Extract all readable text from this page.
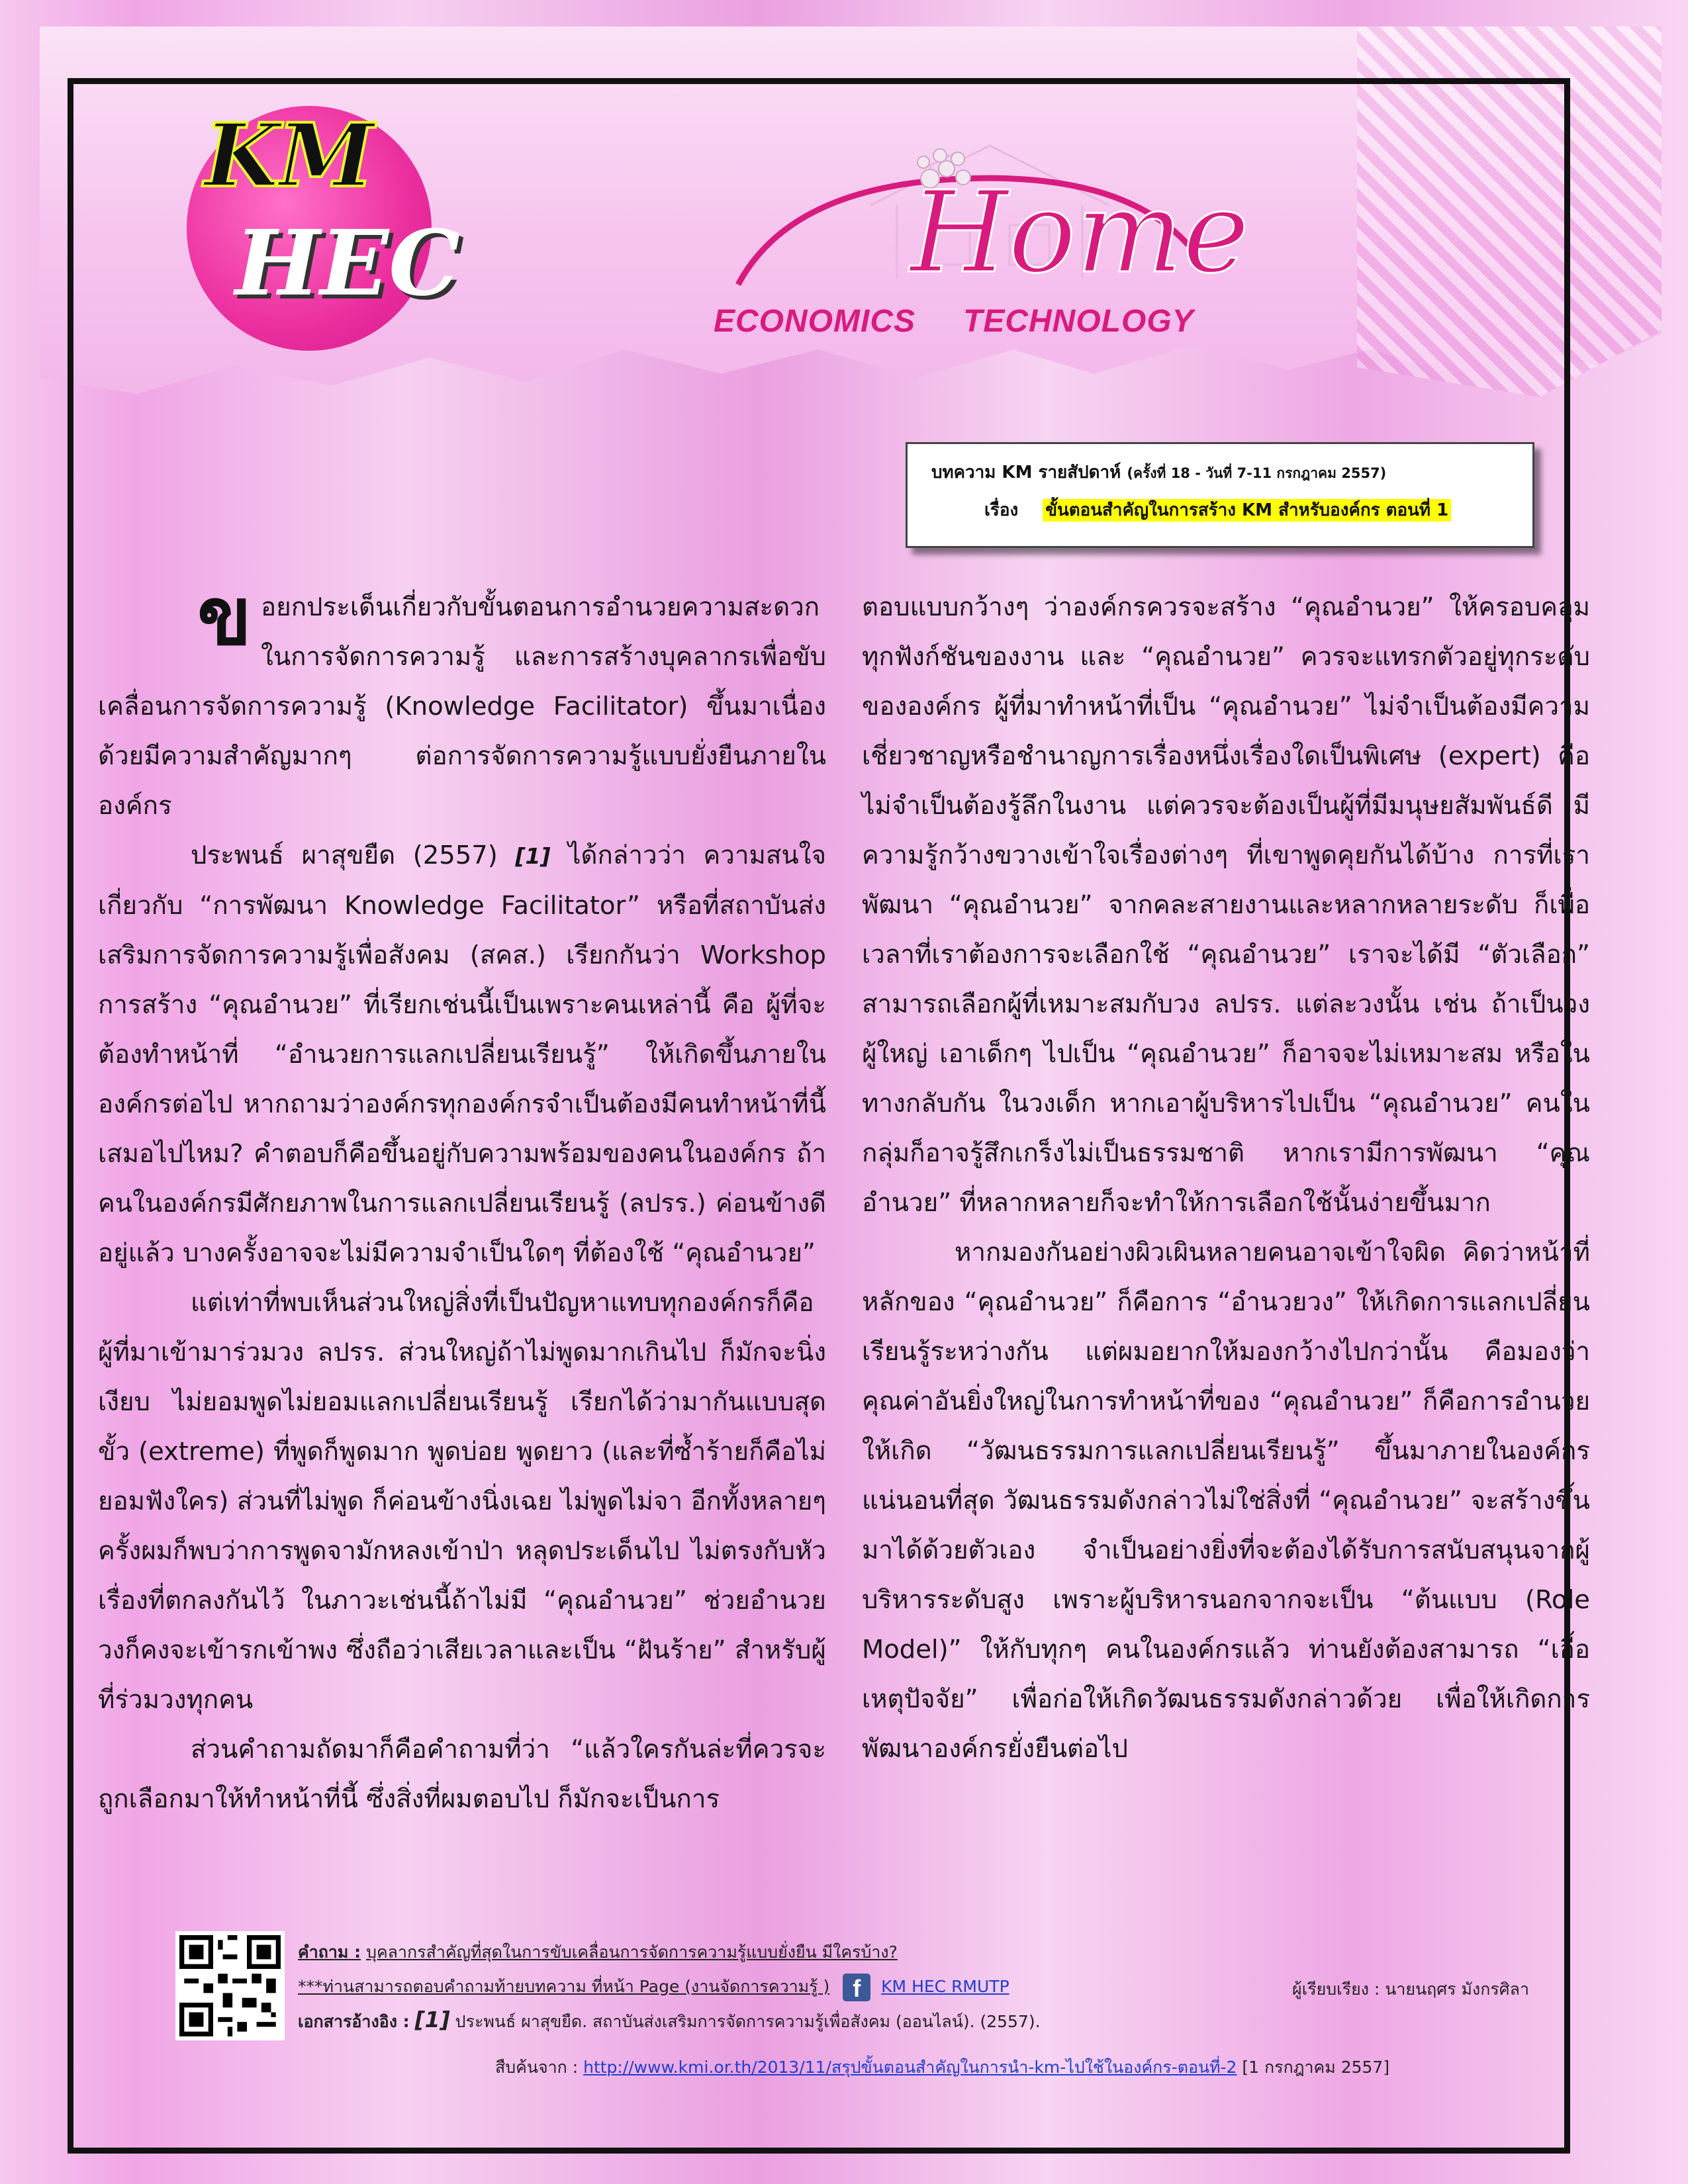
KM
HEC	Home
ECONOMICS TECHNOLOGY
บทความ KM รายสัปดาห์ (ครั้งที่ 18 - วันที่ 7-11 กรกฎาคม 2557)
เรื่อง ขั้นตอนสำคัญในการสร้าง KM สำหรับองค์กร ตอนที่ 1

ข อยกประเด็นเกี่ยวกับขั้นตอนการอำนวยความสะดวกในการจัดการความรู้ และการสร้างบุคลากรเพื่อขับเคลื่อนการจัดการความรู้ (Knowledge Facilitator) ขึ้นมาเนื่องด้วยมีความสำคัญมากๆ ต่อการจัดการความรู้แบบยั่งยืนภายในองค์กร

ประพนธ์ ผาสุขยืด (2557) [1] ได้กล่าวว่า ความสนใจเกี่ยวกับ “การพัฒนา Knowledge Facilitator” หรือที่สถาบันส่งเสริมการจัดการความรู้เพื่อสังคม (สคส.) เรียกกันว่า Workshop การสร้าง “คุณอำนวย” ที่เรียกเช่นนี้เป็นเพราะคนเหล่านี้ คือ ผู้ที่จะต้องทำหน้าที่ “อำนวยการแลกเปลี่ยนเรียนรู้” ให้เกิดขึ้นภายในองค์กรต่อไป หากถามว่าองค์กรทุกองค์กรจำเป็นต้องมีคนทำหน้าที่นี้เสมอไปไหม? คำตอบก็คือขึ้นอยู่กับความพร้อมของคนในองค์กร ถ้าคนในองค์กรมีศักยภาพในการแลกเปลี่ยนเรียนรู้ (ลปรร.) ค่อนข้างดีอยู่แล้ว บางครั้งอาจจะไม่มีความจำเป็นใดๆ ที่ต้องใช้ “คุณอำนวย”

แต่เท่าที่พบเห็นส่วนใหญ่สิ่งที่เป็นปัญหาแทบทุกองค์กรก็คือ ผู้ที่มาเข้ามาร่วมวง ลปรร. ส่วนใหญ่ถ้าไม่พูดมากเกินไป ก็มักจะนิ่งเงียบ ไม่ยอมพูดไม่ยอมแลกเปลี่ยนเรียนรู้ เรียกได้ว่ามากันแบบสุดขั้ว (extreme) ที่พูดก็พูดมาก พูดบ่อย พูดยาว (และที่ซ้ำร้ายก็คือไม่ยอมฟังใคร) ส่วนที่ไม่พูด ก็ค่อนข้างนิ่งเฉย ไม่พูดไม่จา อีกทั้งหลายๆ ครั้งผมก็พบว่าการพูดจามักหลงเข้าป่า หลุดประเด็นไป ไม่ตรงกับหัวเรื่องที่ตกลงกันไว้ ในภาวะเช่นนี้ถ้าไม่มี “คุณอำนวย” ช่วยอำนวยวงก็คงจะเข้ารกเข้าพง ซึ่งถือว่าเสียเวลาและเป็น “ฝันร้าย” สำหรับผู้ที่ร่วมวงทุกคน

ส่วนคำถามถัดมาก็คือคำถามที่ว่า “แล้วใครกันล่ะที่ควรจะถูกเลือกมาให้ทำหน้าที่นี้ ซึ่งสิ่งที่ผมตอบไป ก็มักจะเป็นการ

ตอบแบบกว้างๆ ว่าองค์กรควรจะสร้าง “คุณอำนวย” ให้ครอบคลุมทุกฟังก์ชันของงาน และ “คุณอำนวย” ควรจะแทรกตัวอยู่ทุกระดับขององค์กร ผู้ที่มาทำหน้าที่เป็น “คุณอำนวย” ไม่จำเป็นต้องมีความเชี่ยวชาญหรือชำนาญการเรื่องหนึ่งเรื่องใดเป็นพิเศษ (expert) คือไม่จำเป็นต้องรู้ลึกในงาน แต่ควรจะต้องเป็นผู้ที่มีมนุษยสัมพันธ์ดี มีความรู้กว้างขวางเข้าใจเรื่องต่างๆ ที่เขาพูดคุยกันได้บ้าง การที่เราพัฒนา “คุณอำนวย” จากคละสายงานและหลากหลายระดับ ก็เพื่อเวลาที่เราต้องการจะเลือกใช้ “คุณอำนวย” เราจะได้มี “ตัวเลือก” สามารถเลือกผู้ที่เหมาะสมกับวง ลปรร. แต่ละวงนั้น เช่น ถ้าเป็นวงผู้ใหญ่ เอาเด็กๆ ไปเป็น “คุณอำนวย” ก็อาจจะไม่เหมาะสม หรือในทางกลับกัน ในวงเด็ก หากเอาผู้บริหารไปเป็น “คุณอำนวย” คนในกลุ่มก็อาจรู้สึกเกร็งไม่เป็นธรรมชาติ หากเรามีการพัฒนา “คุณอำนวย” ที่หลากหลายก็จะทำให้การเลือกใช้นั้นง่ายขึ้นมาก

หากมองกันอย่างผิวเผินหลายคนอาจเข้าใจผิด คิดว่าหน้าที่หลักของ “คุณอำนวย” ก็คือการ “อำนวยวง” ให้เกิดการแลกเปลี่ยนเรียนรู้ระหว่างกัน แต่ผมอยากให้มองกว้างไปกว่านั้น คือมองว่าคุณค่าอันยิ่งใหญ่ในการทำหน้าที่ของ “คุณอำนวย” ก็คือการอำนวยให้เกิด “วัฒนธรรมการแลกเปลี่ยนเรียนรู้” ขึ้นมาภายในองค์กร แน่นอนที่สุด วัฒนธรรมดังกล่าวไม่ใช่สิ่งที่ “คุณอำนวย” จะสร้างขึ้นมาได้ด้วยตัวเอง จำเป็นอย่างยิ่งที่จะต้องได้รับการสนับสนุนจากผู้บริหารระดับสูง เพราะผู้บริหารนอกจากจะเป็น “ต้นแบบ (Role Model)” ให้กับทุกๆ คนในองค์กรแล้ว ท่านยังต้องสามารถ “เอื้อเหตุปัจจัย” เพื่อก่อให้เกิดวัฒนธรรมดังกล่าวด้วย เพื่อให้เกิดการพัฒนาองค์กรยั่งยืนต่อไป

คำถาม : บุคลากรสำคัญที่สุดในการขับเคลื่อนการจัดการความรู้แบบยั่งยืน มีใครบ้าง?
***ท่านสามารถตอบคำถามท้ายบทความ ที่หน้า Page (งานจัดการความรู้ ) f KM HEC RMUTP	ผู้เรียบเรียง : นายนฤศร มังกรศิลา
เอกสารอ้างอิง : [1] ประพนธ์ ผาสุขยืด. สถาบันส่งเสริมการจัดการความรู้เพื่อสังคม (ออนไลน์). (2557).
สืบค้นจาก : http://www.kmi.or.th/2013/11/สรุปขั้นตอนสำคัญในการนำ-km-ไปใช้ในองค์กร-ตอนที่-2 [1 กรกฎาคม 2557]
